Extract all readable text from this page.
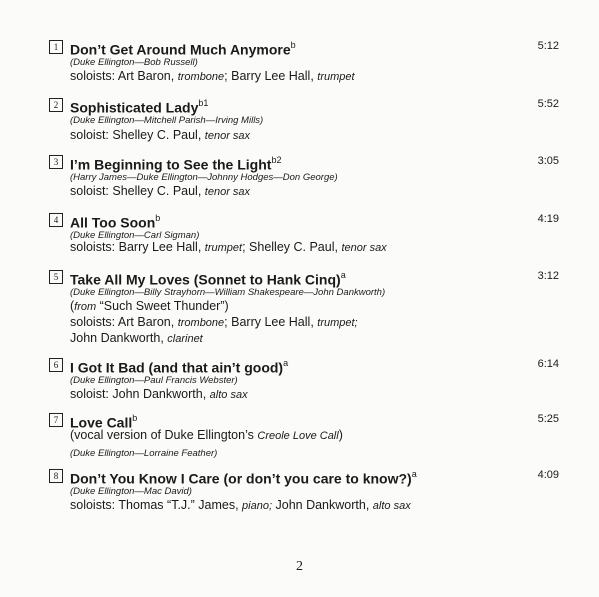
1 Don’t Get Around Much Anymore$^b$	5:12
(Duke Ellington—Bob Russell)
soloists: Art Baron, trombone; Barry Lee Hall, trumpet
2 Sophisticated Lady$^{b1}$	5:52
(Duke Ellington—Mitchell Parish—Irving Mills)
soloist: Shelley C. Paul, tenor sax
3 I’m Beginning to See the Light$^{b2}$	3:05
(Harry James—Duke Ellington—Johnny Hodges—Don George)
soloist: Shelley C. Paul, tenor sax
4 All Too Soon$^b$	4:19
(Duke Ellington—Carl Sigman)
soloists: Barry Lee Hall, trumpet; Shelley C. Paul, tenor sax
5 Take All My Loves (Sonnet to Hank Cinq)$^a$	3:12
(Duke Ellington—Billy Strayhorn—William Shakespeare—John Dankworth)
(from “Such Sweet Thunder”)
soloists: Art Baron, trombone; Barry Lee Hall, trumpet;
John Dankworth, clarinet
6 I Got It Bad (and that ain’t good)$^a$	6:14
(Duke Ellington—Paul Francis Webster)
soloist: John Dankworth, alto sax
7 Love Call$^b$	5:25
(Duke Ellington—Lorraine Feather)
(vocal version of Duke Ellington’s Creole Love Call)
8 Don’t You Know I Care (or don’t you care to know?)$^a$	4:09
(Duke Ellington—Mac David)
soloists: Thomas “T.J.” James, piano; John Dankworth, alto sax
2
